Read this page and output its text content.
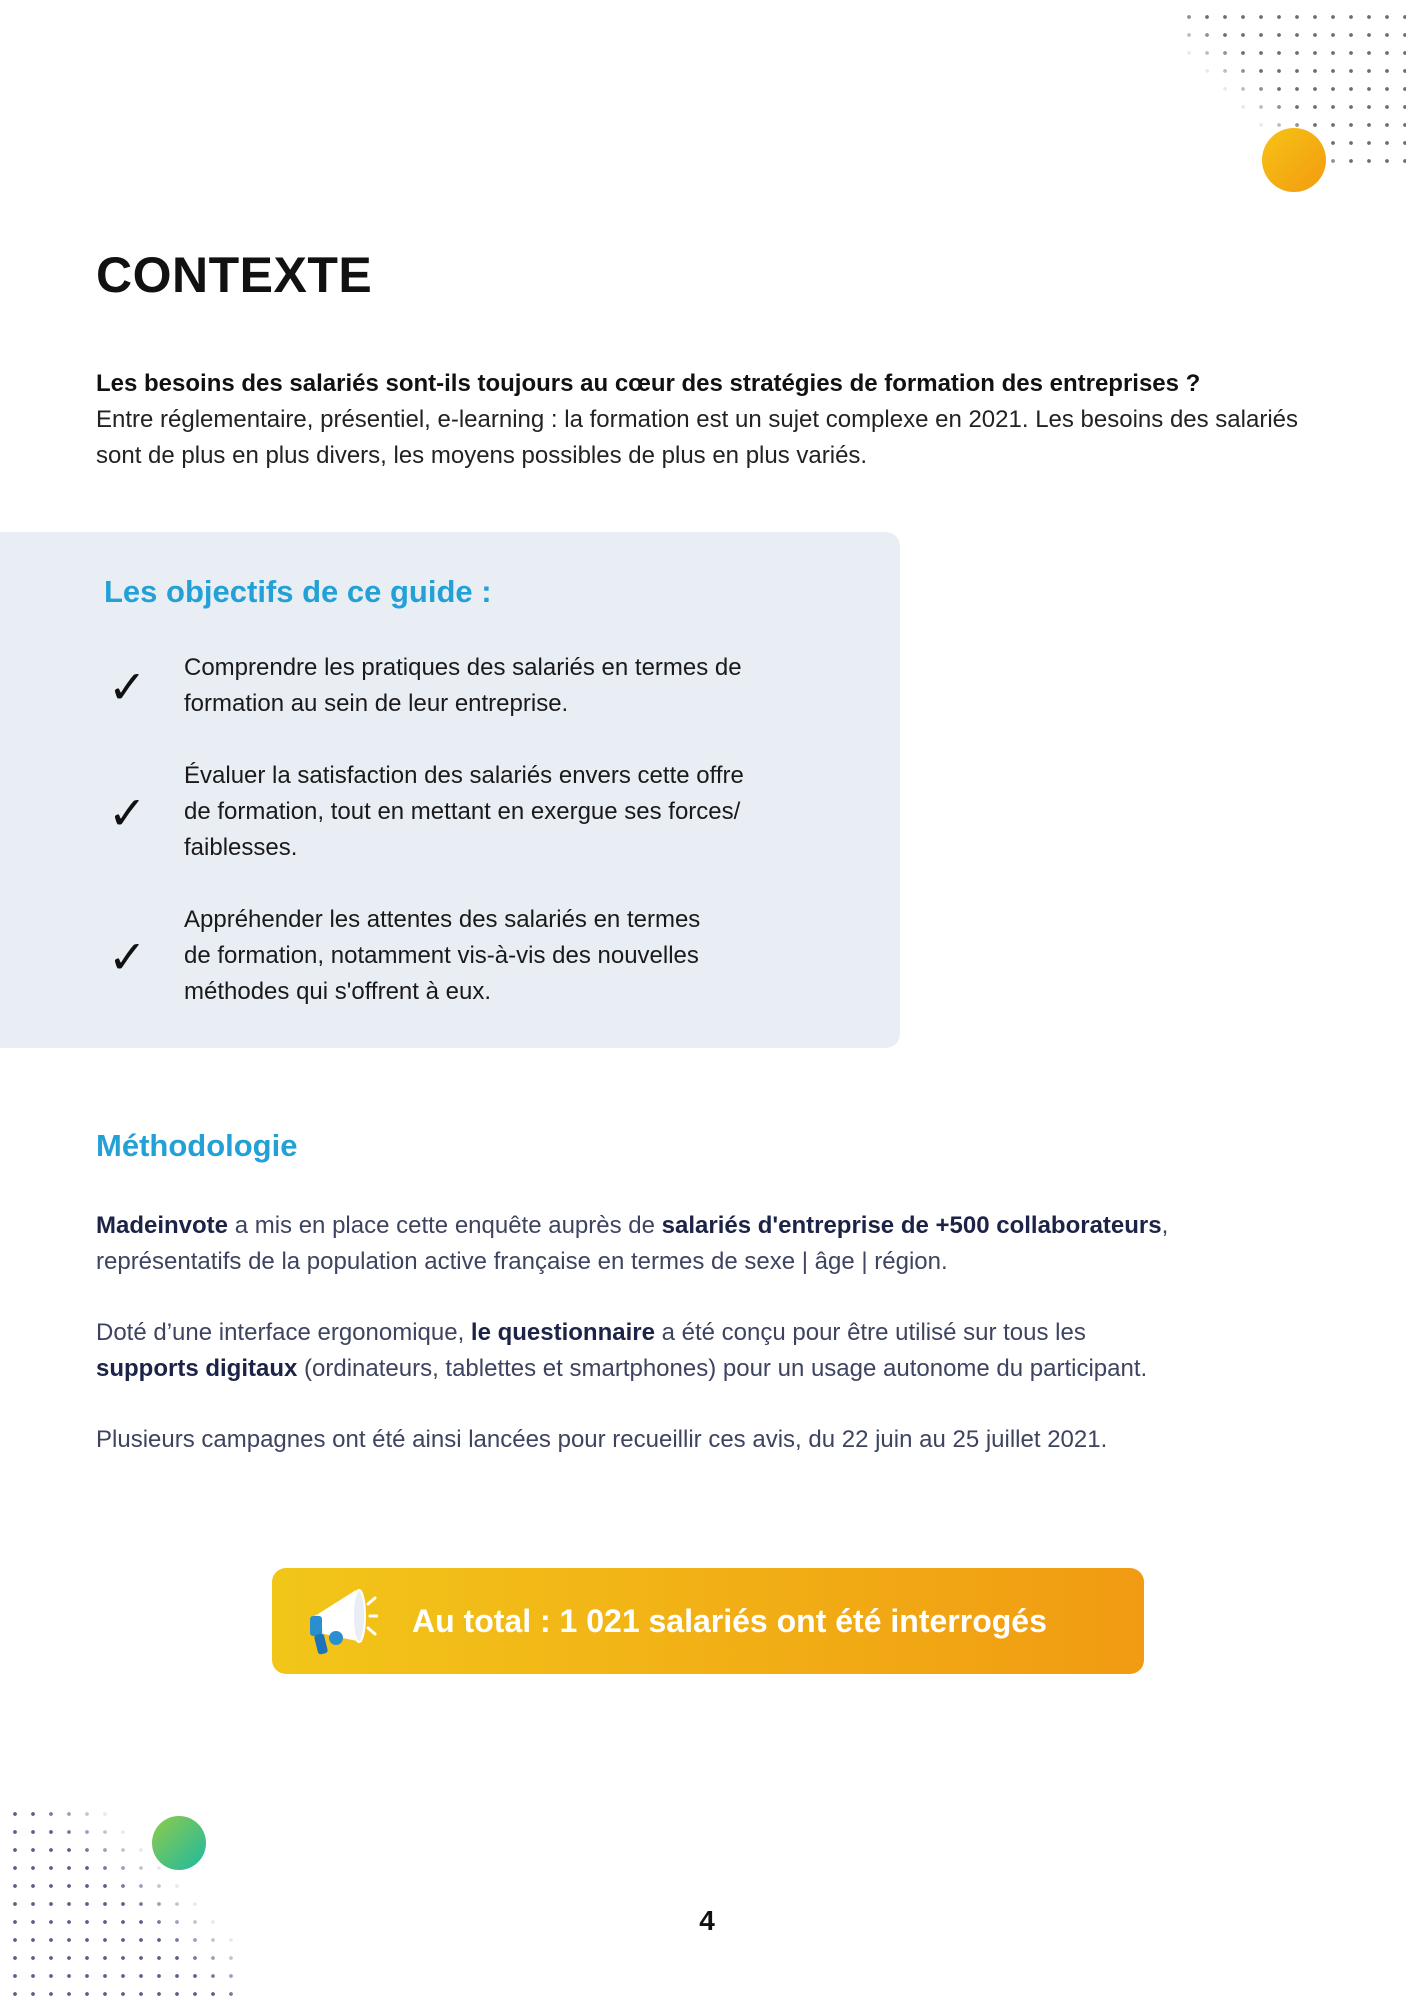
CONTEXTE
Les besoins des salariés sont-ils toujours au cœur des stratégies de formation des entreprises ?
Entre réglementaire, présentiel, e-learning : la formation est un sujet complexe en 2021. Les besoins des salariés sont de plus en plus divers, les moyens possibles de plus en plus variés.
Les objectifs de ce guide :
✓ Comprendre les pratiques des salariés en termes de
formation au sein de leur entreprise.
✓
Évaluer la satisfaction des salariés envers cette offre
de formation, tout en mettant en exergue ses forces/
faiblesses.
✓
Appréhender les attentes des salariés en termes
de formation, notamment vis-à-vis des nouvelles
méthodes qui s'offrent à eux.
Méthodologie
Madeinvote a mis en place cette enquête auprès de salariés d'entreprise de +500 collaborateurs,
représentatifs de la population active française en termes de sexe | âge | région.
Doté d’une interface ergonomique, le questionnaire a été conçu pour être utilisé sur tous les
supports digitaux (ordinateurs, tablettes et smartphones) pour un usage autonome du participant.
Plusieurs campagnes ont été ainsi lancées pour recueillir ces avis, du 22 juin au 25 juillet 2021.
Au total : 1 021 salariés ont été interrogés
4
